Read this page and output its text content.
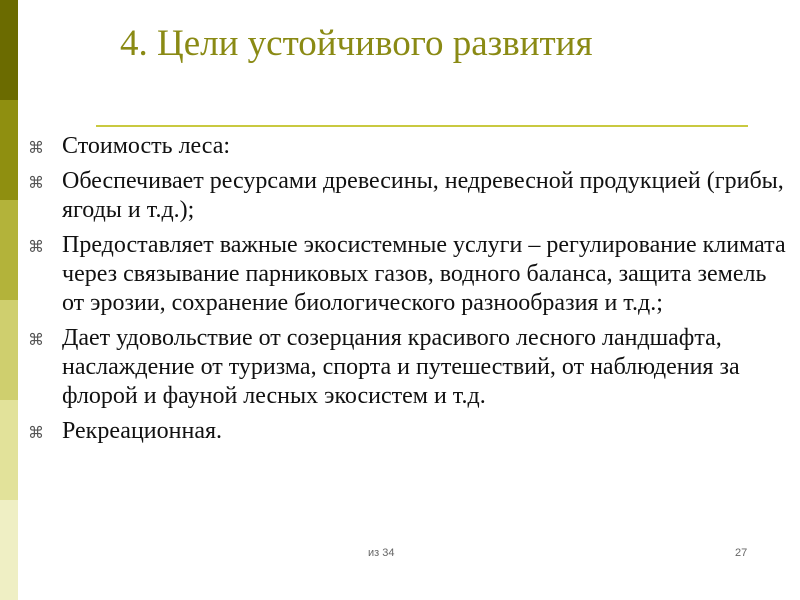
4. Цели устойчивого развития
⌘ Стоимость леса:
⌘ Обеспечивает ресурсами древесины, недревесной продукцией (грибы, ягоды и т.д.);
⌘ Предоставляет важные экосистемные услуги – регулирование климата через связывание парниковых газов, водного баланса, защита земель от эрозии, сохранение биологического разнообразия и т.д.;
⌘ Дает удовольствие от созерцания красивого лесного ландшафта, наслаждение от туризма, спорта и путешествий, от наблюдения за флорой и фауной лесных экосистем и т.д.
⌘ Рекреационная.
из 34	27
